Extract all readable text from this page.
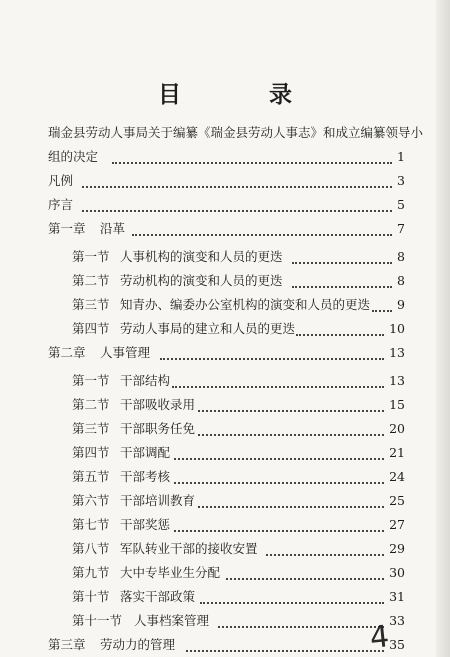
目 录
瑞金县劳动人事局关于编纂《瑞金县劳动人事志》和成立编纂领导小
组的决定	1
凡例	3
序言	5
第一章 沿革	7
第一节 人事机构的演变和人员的更迭	8
第二节 劳动机构的演变和人员的更迭	8
第三节 知青办、编委办公室机构的演变和人员的更迭 9
第四节 劳动人事局的建立和人员的更迭	10
第二章 人事管理	13
第一节 干部结构	13
第二节 干部吸收录用	15
第三节 干部职务任免	20
第四节 干部调配	21
第五节 干部考核	24
第六节 干部培训教育	25
第七节 干部奖惩	27
第八节 军队转业干部的接收安置	29
第九节 大中专毕业生分配	30
第十节 落实干部政策	31
第十一节 人事档案管理	33
第三章 劳动力的管理	35
4
